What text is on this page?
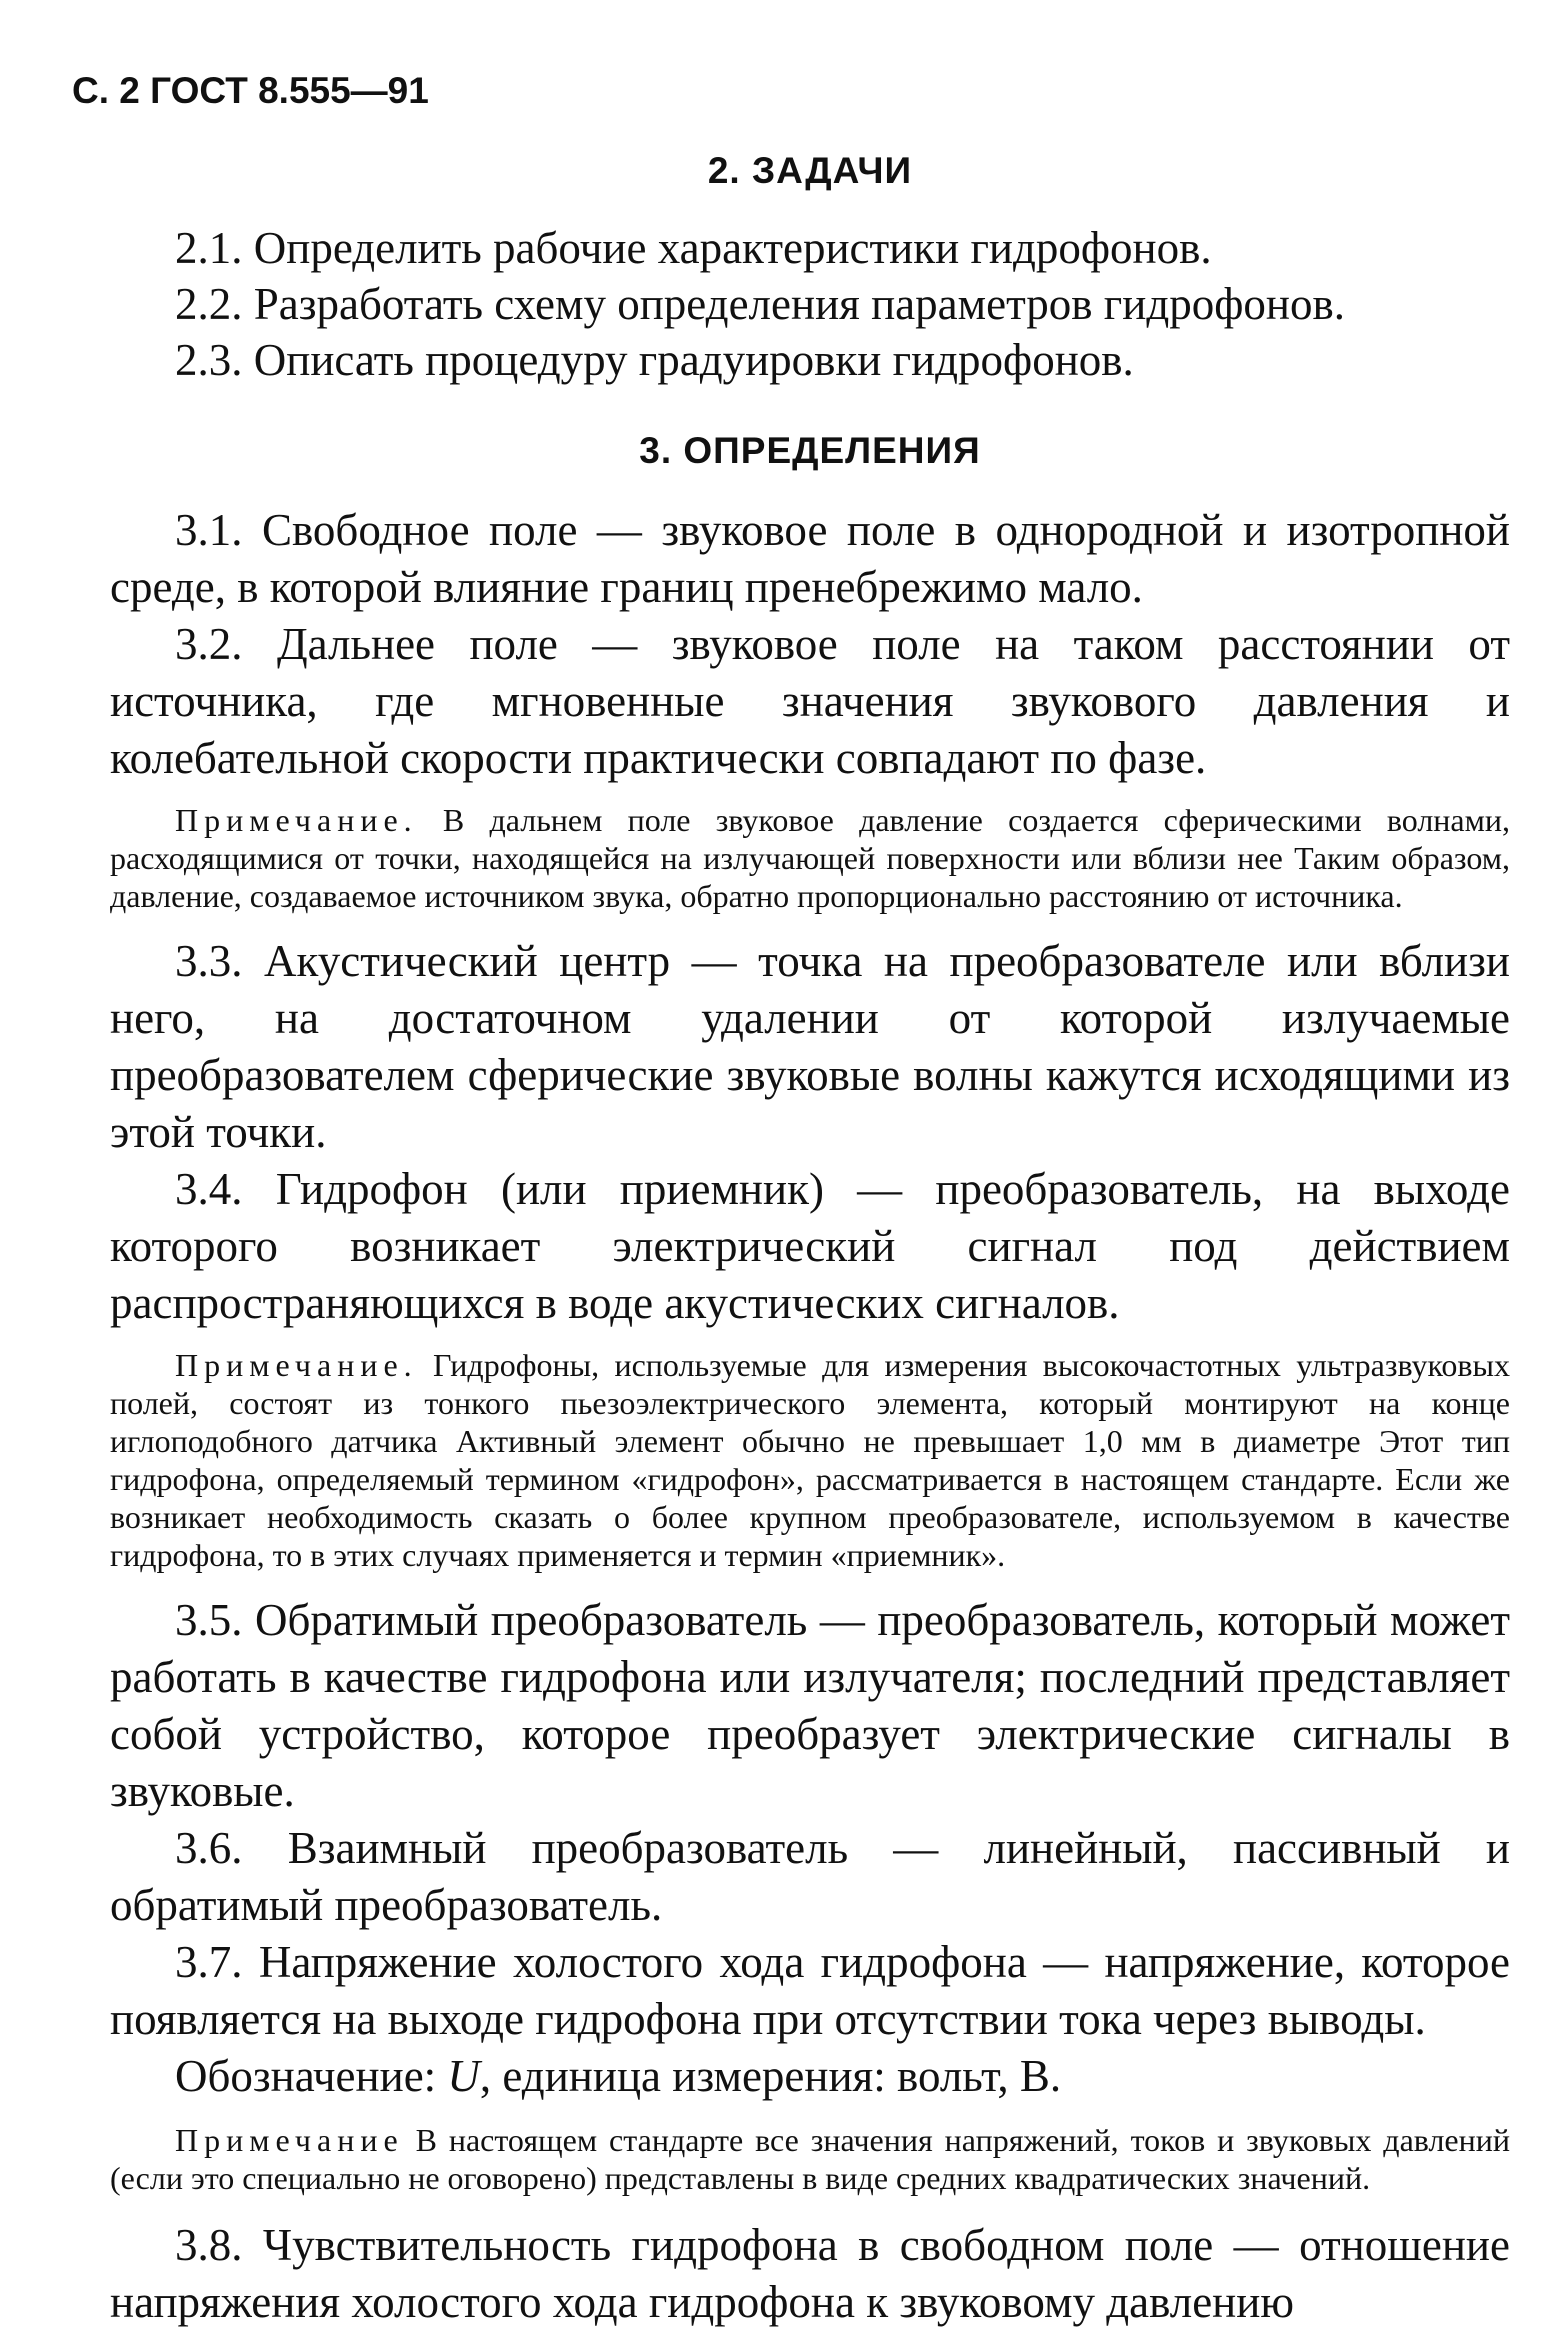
С. 2 ГОСТ 8.555—91

2. ЗАДАЧИ

2.1. Определить рабочие характеристики гидрофонов.

2.2. Разработать схему определения параметров гидрофонов.

2.3. Описать процедуру градуировки гидрофонов.

3. ОПРЕДЕЛЕНИЯ

3.1. Свободное поле — звуковое поле в однородной и изотропной среде, в которой влияние границ пренебрежимо мало.

3.2. Дальнее поле — звуковое поле на таком расстоянии от источника, где мгновенные значения звукового давления и колебательной скорости практически совпадают по фазе.

Примечание. В дальнем поле звуковое давление создается сферическими волнами, расходящимися от точки, находящейся на излучающей поверхности или вблизи нее Таким образом, давление, создаваемое источником звука, обратно пропорционально расстоянию от источника.

3.3. Акустический центр — точка на преобразователе или вблизи него, на достаточном удалении от которой излучаемые преобразователем сферические звуковые волны кажутся исходящими из этой точки.

3.4. Гидрофон (или приемник) — преобразователь, на выходе которого возникает электрический сигнал под действием распространяющихся в воде акустических сигналов.

Примечание. Гидрофоны, используемые для измерения высокочастотных ультразвуковых полей, состоят из тонкого пьезоэлектрического элемента, который монтируют на конце иглоподобного датчика Активный элемент обычно не превышает 1,0 мм в диаметре Этот тип гидрофона, определяемый термином «гидрофон», рассматривается в настоящем стандарте. Если же возникает необходимость сказать о более крупном преобразователе, используемом в качестве гидрофона, то в этих случаях применяется и термин «приемник».

3.5. Обратимый преобразователь — преобразователь, который может работать в качестве гидрофона или излучателя; последний представляет собой устройство, которое преобразует электрические сигналы в звуковые.

3.6. Взаимный преобразователь — линейный, пассивный и обратимый преобразователь.

3.7. Напряжение холостого хода гидрофона — напряжение, которое появляется на выходе гидрофона при отсутствии тока через выводы.

Обозначение: U, единица измерения: вольт, В.

Примечание В настоящем стандарте все значения напряжений, токов и звуковых давлений (если это специально не оговорено) представлены в виде средних квадратических значений.

3.8. Чувствительность гидрофона в свободном поле — отношение напряжения холостого хода гидрофона к звуковому давлению
